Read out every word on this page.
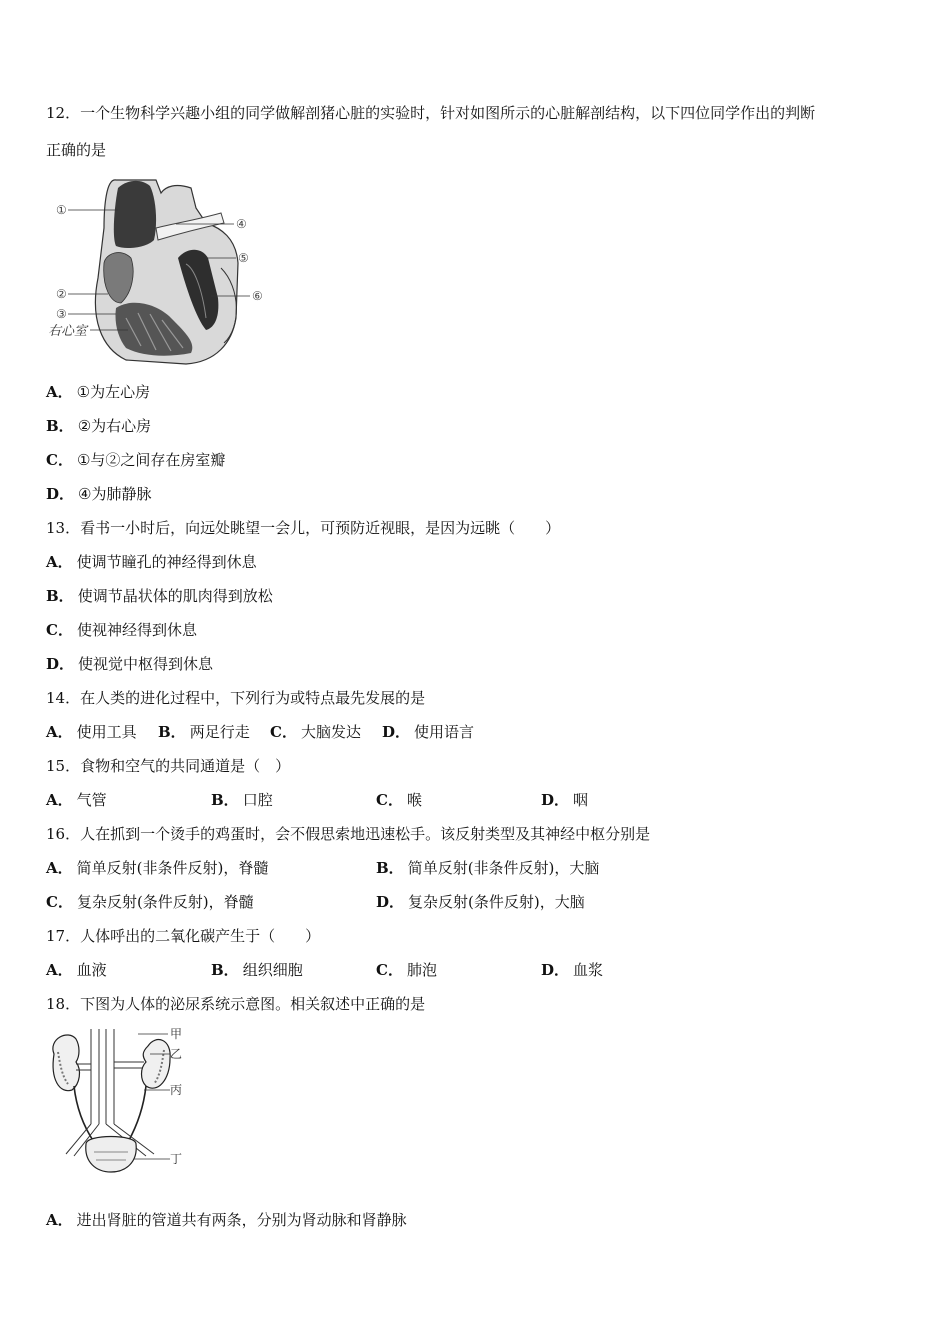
12．一个生物科学兴趣小组的同学做解剖猪心脏的实验时，针对如图所示的心脏解剖结构，以下四位同学作出的判断
正确的是
①
④
⑤
②	⑥
③
右心室
A． ①为左心房
B． ②为右心房
C． ①与②之间存在房室瓣
D． ④为肺静脉
13．看书一小时后，向远处眺望一会儿，可预防近视眼，是因为远眺（　　）
A． 使调节瞳孔的神经得到休息
B． 使调节晶状体的肌肉得到放松
C． 使视神经得到休息
D． 使视觉中枢得到休息
14．在人类的进化过程中，下列行为或特点最先发展的是
A． 使用工具 B． 两足行走 C． 大脑发达 D． 使用语言
15．食物和空气的共同通道是（　）
A． 气管	B． 口腔	C． 喉	D． 咽
16．人在抓到一个烫手的鸡蛋时，会不假思索地迅速松手。该反射类型及其神经中枢分别是
A． 简单反射(非条件反射)，脊髓	B． 简单反射(非条件反射)，大脑
C． 复杂反射(条件反射)，脊髓	D． 复杂反射(条件反射)，大脑
17．人体呼出的二氧化碳产生于（　　）
A． 血液	B． 组织细胞	C． 肺泡	D． 血浆
18．下图为人体的泌尿系统示意图。相关叙述中正确的是
甲
乙
丙
丁
A． 进出肾脏的管道共有两条，分别为肾动脉和肾静脉
